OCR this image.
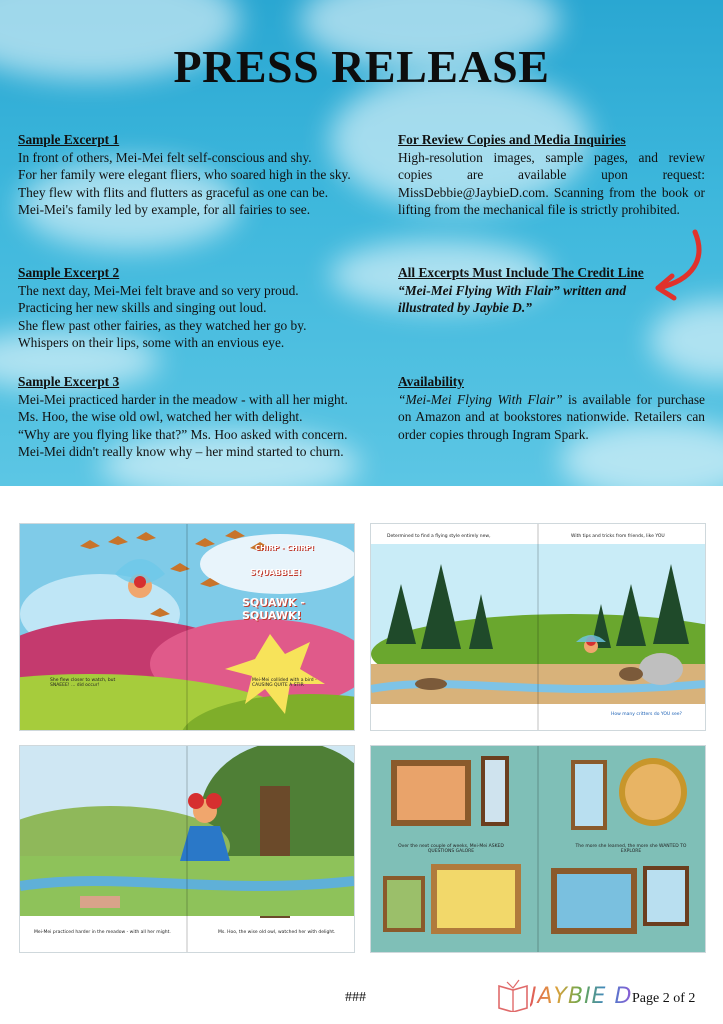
PRESS RELEASE
Sample Excerpt 1
In front of others, Mei-Mei felt self-conscious and shy.
For her family were elegant fliers, who soared high in the sky.
They flew with flits and flutters as graceful as one can be.
Mei-Mei's family led by example, for all fairies to see.
Sample Excerpt 2
The next day, Mei-Mei felt brave and so very proud.
Practicing her new skills and singing out loud.
She flew past other fairies, as they watched her go by.
Whispers on their lips, some with an envious eye.
Sample Excerpt 3
Mei-Mei practiced harder in the meadow - with all her might.
Ms. Hoo, the wise old owl, watched her with delight.
“Why are you flying like that?” Ms. Hoo asked with concern.
Mei-Mei didn't really know why – her mind started to churn.
For Review Copies and Media Inquiries
High-resolution images, sample pages, and review copies are available upon request: MissDebbie@JaybieD.com. Scanning from the book or lifting from the mechanical file is strictly prohibited.
All Excerpts Must Include The Credit Line
“Mei-Mei Flying With Flair” written and
illustrated by Jaybie D.”
Availability
“Mei-Mei Flying With Flair” is available for purchase on Amazon and at bookstores nationwide. Retailers can order copies through Ingram Spark.
CHIRP - CHIRP!
SQUABBLE!
SQUAWK - SQUAWK!
She flew closer to watch, but SNAEEE! ... did occur!
Mei-Mei collided with a bird - CAUSING QUITE A STIR
Determined to find a flying style entirely new,	With tips and tricks from friends, like YOU
How many critters do YOU see?
Mei-Mei practiced harder in the meadow - with all her might.	Ms. Hoo, the wise old owl, watched her with delight.
Over the next couple of weeks, Mei-Mei ASKED QUESTIONS GALORE
The more she learned, the more she WANTED TO EXPLORE
###	JAYBIE D Page 2 of 2
